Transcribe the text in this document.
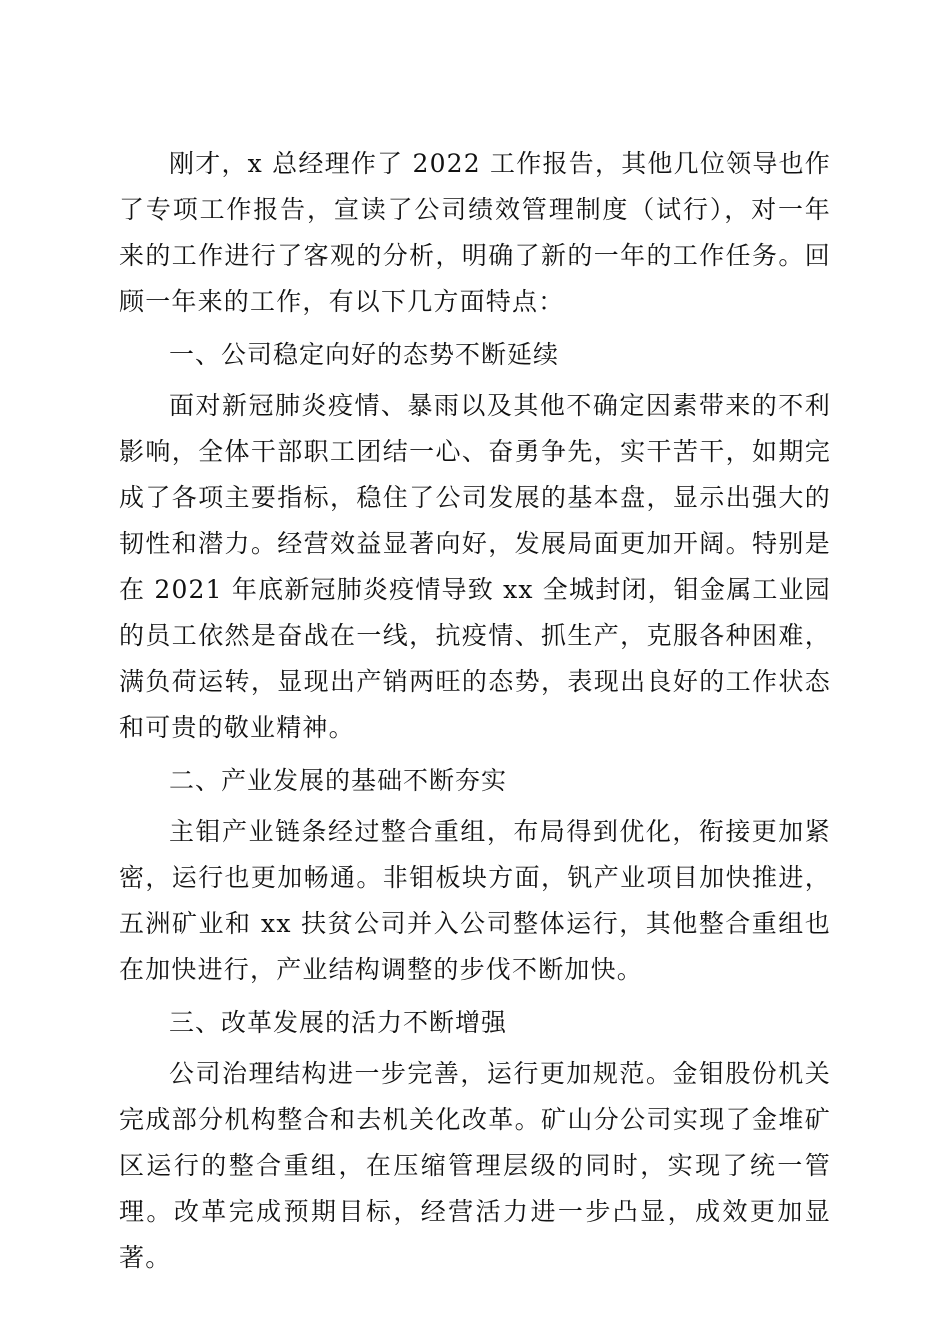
刚才，x 总经理作了 2022 工作报告，其他几位领导也作了专项工作报告，宣读了公司绩效管理制度（试行），对一年来的工作进行了客观的分析，明确了新的一年的工作任务。回顾一年来的工作，有以下几方面特点：

一、公司稳定向好的态势不断延续

面对新冠肺炎疫情、暴雨以及其他不确定因素带来的不利影响，全体干部职工团结一心、奋勇争先，实干苦干，如期完成了各项主要指标，稳住了公司发展的基本盘，显示出强大的韧性和潜力。经营效益显著向好，发展局面更加开阔。特别是在 2021 年底新冠肺炎疫情导致 xx 全城封闭，钼金属工业园的员工依然是奋战在一线，抗疫情、抓生产，克服各种困难，满负荷运转，显现出产销两旺的态势，表现出良好的工作状态和可贵的敬业精神。

二、产业发展的基础不断夯实

主钼产业链条经过整合重组，布局得到优化，衔接更加紧密，运行也更加畅通。非钼板块方面，钒产业项目加快推进，五洲矿业和 xx 扶贫公司并入公司整体运行，其他整合重组也在加快进行，产业结构调整的步伐不断加快。

三、改革发展的活力不断增强

公司治理结构进一步完善，运行更加规范。金钼股份机关完成部分机构整合和去机关化改革。矿山分公司实现了金堆矿区运行的整合重组，在压缩管理层级的同时，实现了统一管理。改革完成预期目标，经营活力进一步凸显，成效更加显著。
